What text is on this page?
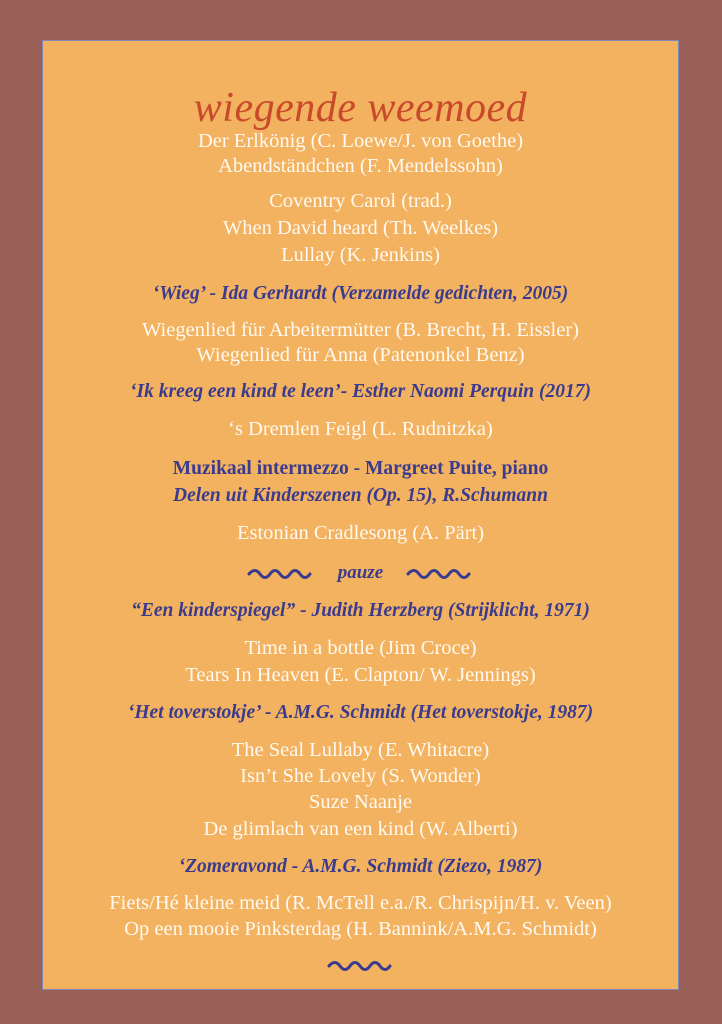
wiegende weemoed
Der Erlkönig (C. Loewe/J. von Goethe)
Abendständchen (F. Mendelssohn)
Coventry Carol (trad.)
When David heard (Th. Weelkes)
Lullay (K. Jenkins)
‘Wieg’ - Ida Gerhardt (Verzamelde gedichten, 2005)
Wiegenlied für Arbeitermütter (B. Brecht, H. Eissler)
Wiegenlied für Anna (Patenonkel Benz)
‘Ik kreeg een kind te leen’- Esther Naomi Perquin (2017)
‘s Dremlen Feigl (L. Rudnitzka)
Muzikaal intermezzo - Margreet Puite, piano
Delen uit Kinderszenen (Op. 15), R.Schumann
Estonian Cradlesong (A. Pärt)
pauze
“Een kinderspiegel” - Judith Herzberg (Strijklicht, 1971)
Time in a bottle (Jim Croce)
Tears In Heaven (E. Clapton/ W. Jennings)
‘Het toverstokje’ - A.M.G. Schmidt (Het toverstokje, 1987)
The Seal Lullaby (E. Whitacre)
Isn’t She Lovely (S. Wonder)
Suze Naanje
De glimlach van een kind (W. Alberti)
‘Zomeravond - A.M.G. Schmidt (Ziezo, 1987)
Fiets/Hé kleine meid (R. McTell e.a./R. Chrispijn/H. v. Veen)
Op een mooie Pinksterdag (H. Bannink/A.M.G. Schmidt)
